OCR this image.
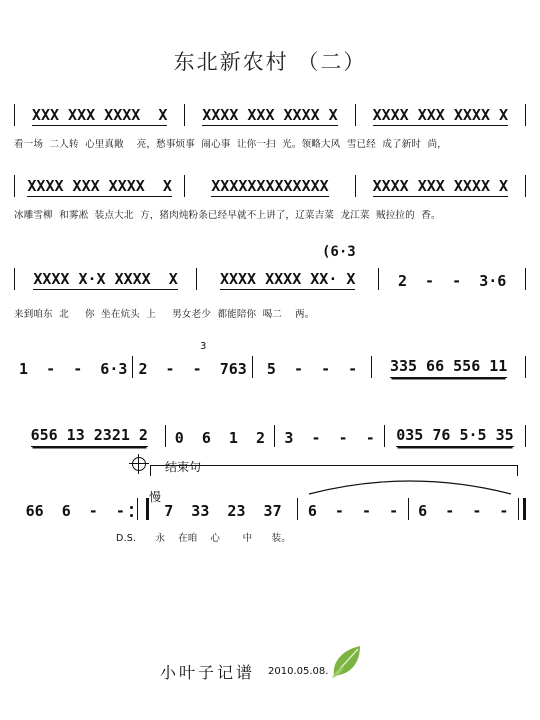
东北新农村 （二）
XXX XXX XXXX  X XXXX XXX XXXX X XXXX XXX XXXX X
看一场  二人转  心里真敞    亮，愁事烦事  闹心事  让你一扫  光。领略大风  雪已经  成了新时  尚，
XXXX XXX XXXX  X	XXXXXXXXXXXXX	XXXX XXX XXXX X
冰雕雪柳  和雾凇  装点大北  方，猪肉炖粉条已经早就不上讲了，辽菜吉菜  龙江菜  贼拉拉的  香。
(6·3
XXXX X·X XXXX  X	XXXX XXXX XX· X	2  -  -  3·6
来到咱东  北     你  坐在炕头  上     男女老少  都能陪你  喝二    两。
3
1  -  -  6·3 2  -  -  763 5  -  -  - 335 66 556 11
656 13 2321 2 0  6  1  2 3  -  -  - 035 76 5·5 35
结束句
慢
66  6  -  -	7  33  23  37 6  -  -  - 6  -  -  -
D.S.      永    在咱    心       中      装。
小叶子记谱 2010.05.08.
